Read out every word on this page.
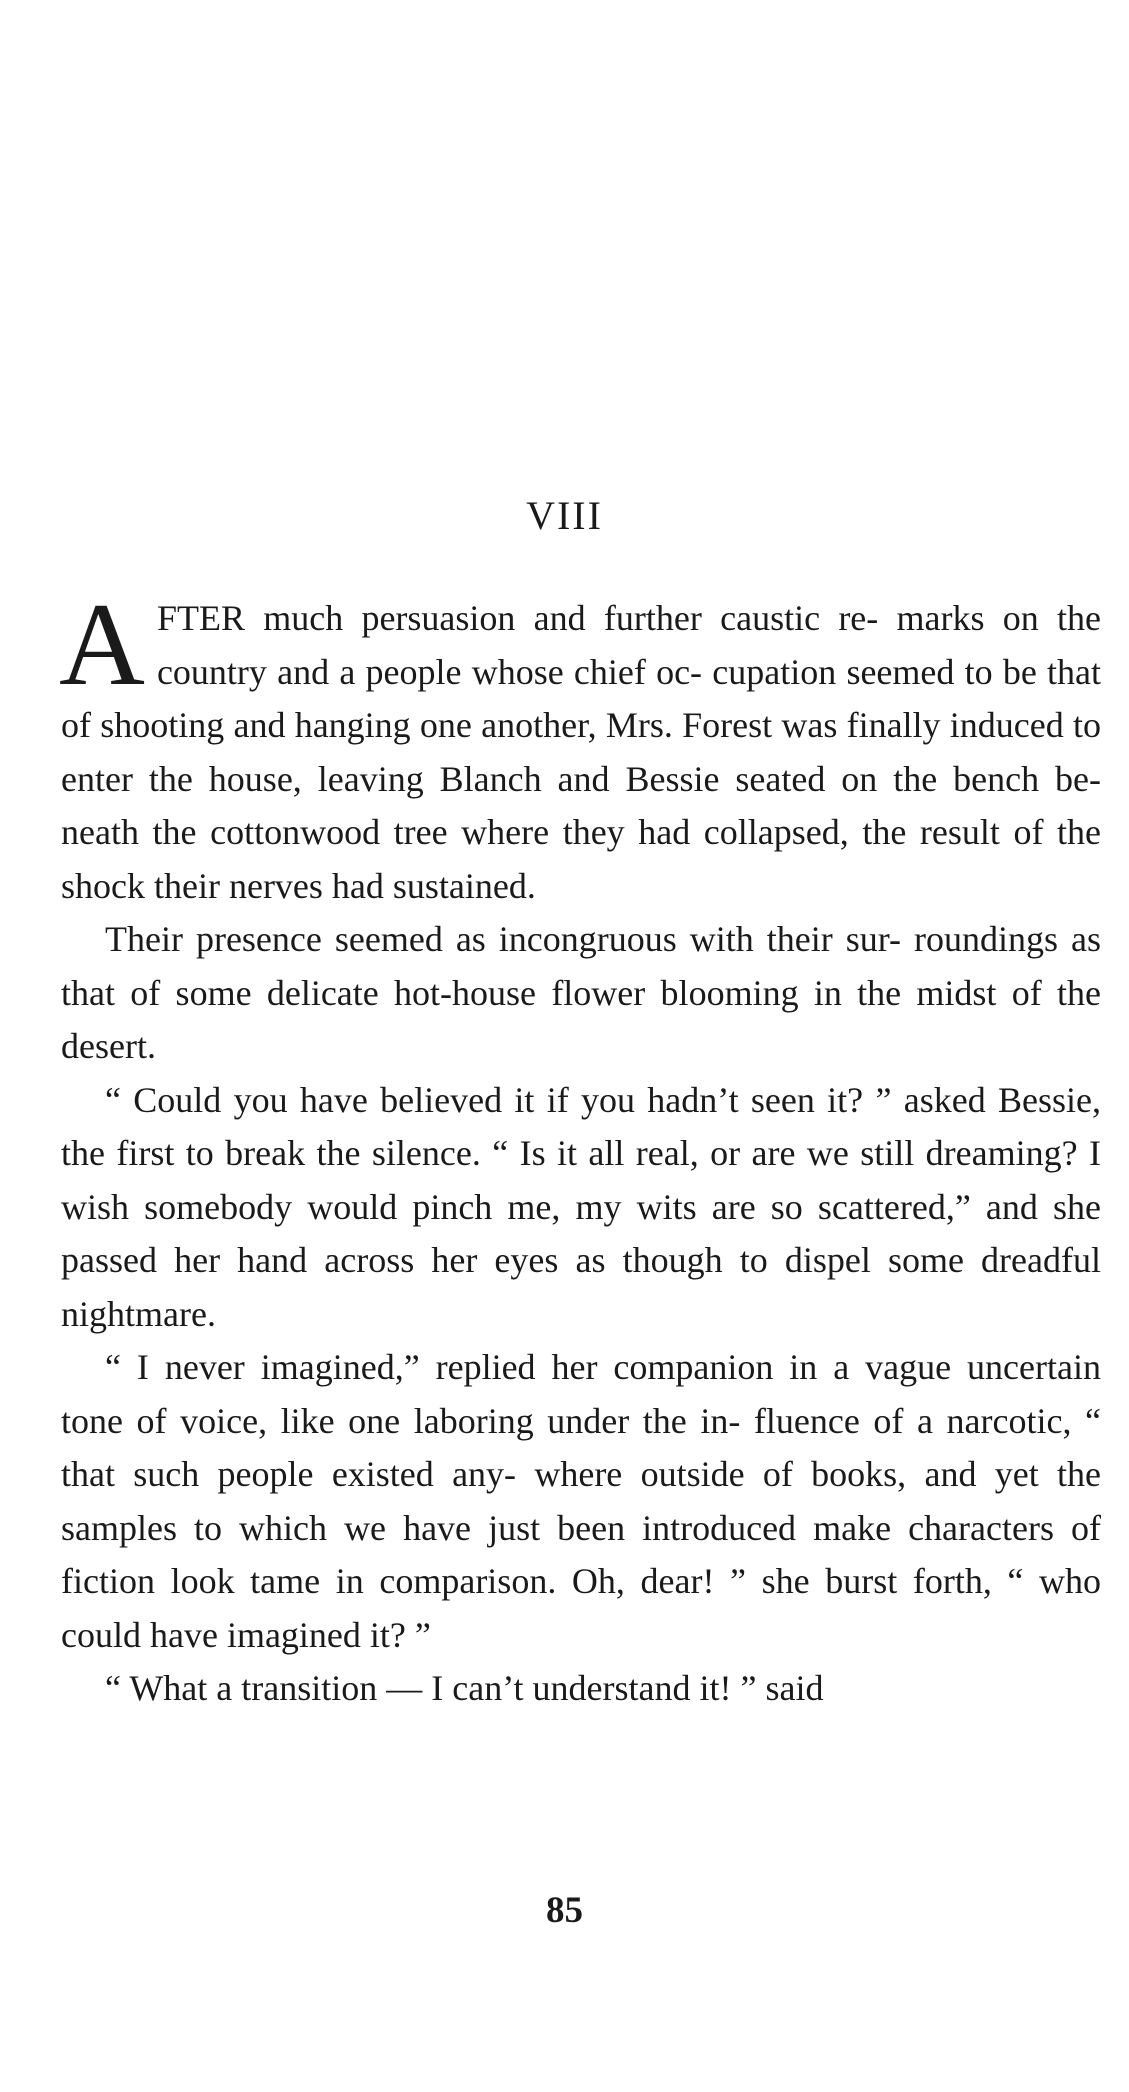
VIII

AFTER much persuasion and further caustic re- marks on the country and a people whose chief oc- cupation seemed to be that of shooting and hanging one another, Mrs. Forest was finally induced to enter the house, leaving Blanch and Bessie seated on the bench be- neath the cottonwood tree where they had collapsed, the result of the shock their nerves had sustained.

Their presence seemed as incongruous with their sur- roundings as that of some delicate hot-house flower blooming in the midst of the desert.

“ Could you have believed it if you hadn’t seen it? ” asked Bessie, the first to break the silence. “ Is it all real, or are we still dreaming? I wish somebody would pinch me, my wits are so scattered,” and she passed her hand across her eyes as though to dispel some dreadful nightmare.

“ I never imagined,” replied her companion in a vague uncertain tone of voice, like one laboring under the in- fluence of a narcotic, “ that such people existed any- where outside of books, and yet the samples to which we have just been introduced make characters of fiction look tame in comparison. Oh, dear! ” she burst forth, “ who could have imagined it? ”

“ What a transition — I can’t understand it! ” said

85
